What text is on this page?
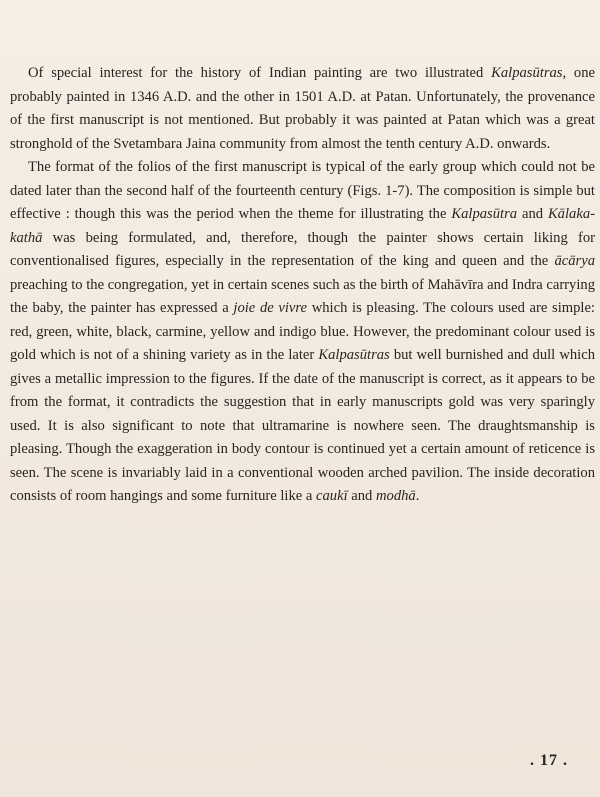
Of special interest for the history of Indian painting are two illustrated Kalpasūtras, one probably painted in 1346 A.D. and the other in 1501 A.D. at Patan. Unfortunately, the provenance of the first manuscript is not mentioned. But probably it was painted at Patan which was a great stronghold of the Svetambara Jaina community from almost the tenth century A.D. onwards.

The format of the folios of the first manuscript is typical of the early group which could not be dated later than the second half of the fourteenth century (Figs. 1-7). The composition is simple but effective : though this was the period when the theme for illustrating the Kalpasūtra and Kālaka-kathā was being formulated, and, therefore, though the painter shows certain liking for conventionalised figures, especially in the representation of the king and queen and the ācārya preaching to the congregation, yet in certain scenes such as the birth of Mahāvīra and Indra carrying the baby, the painter has expressed a joie de vivre which is pleasing. The colours used are simple: red, green, white, black, carmine, yellow and indigo blue. However, the predominant colour used is gold which is not of a shining variety as in the later Kalpasūtras but well burnished and dull which gives a metallic impression to the figures. If the date of the manuscript is correct, as it appears to be from the format, it contradicts the suggestion that in early manuscripts gold was very sparingly used. It is also significant to note that ultramarine is nowhere seen. The draughtsmanship is pleasing. Though the exaggeration in body contour is continued yet a certain amount of reticence is seen. The scene is invariably laid in a conventional wooden arched pavilion. The inside decoration consists of room hangings and some furniture like a caukī and modhā.

. 17 .
